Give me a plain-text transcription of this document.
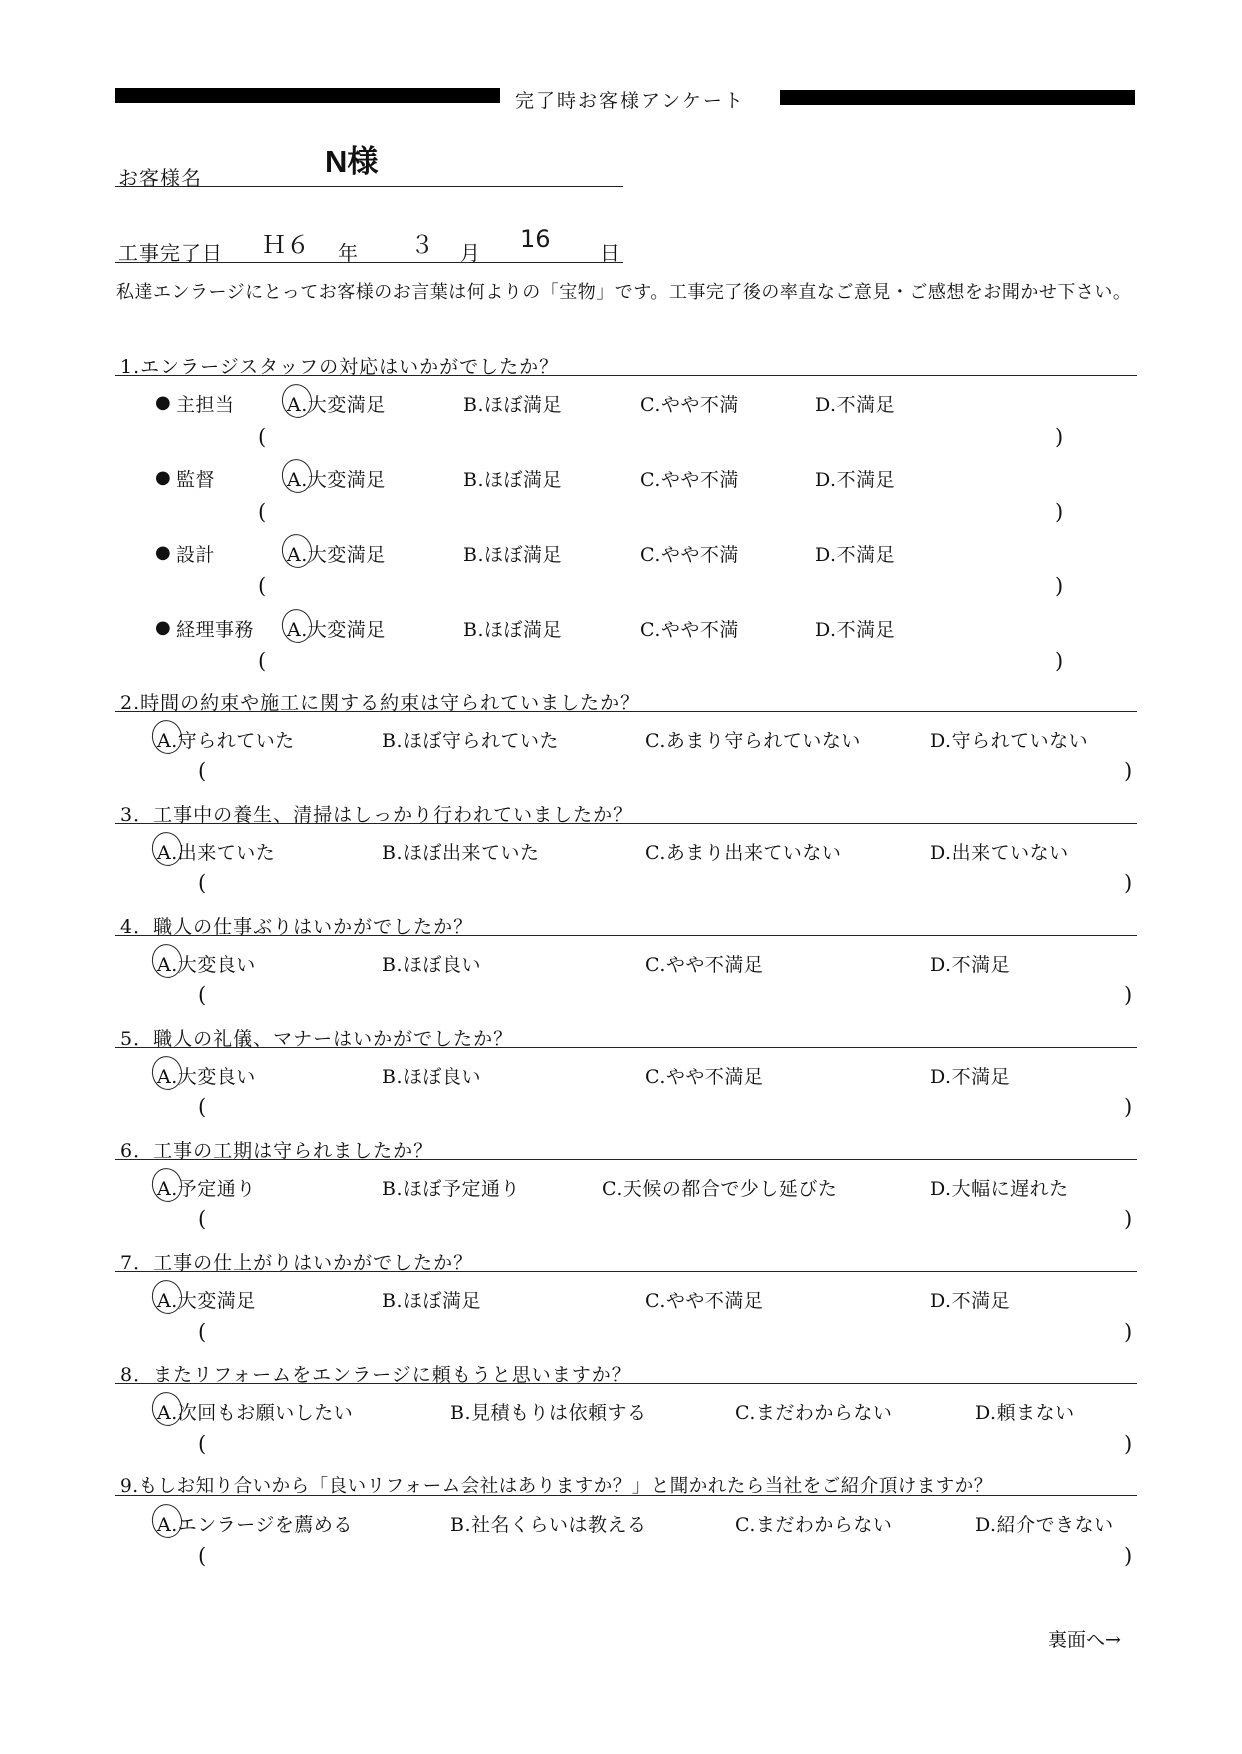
完了時お客様アンケート
お客様名	N様
工事完了日 Ｈ６ 年 ３ 月 16 日
私達エンラージにとってお客様のお言葉は何よりの「宝物」です。工事完了後の率直なご意見・ご感想をお聞かせ下さい。
1.エンラージスタッフの対応はいかがでしたか？
● 主担当	A.大変満足	B.ほぼ満足	C.やや不満	D.不満足
(	)
● 監督	A.大変満足	B.ほぼ満足	C.やや不満	D.不満足
(	)
● 設計	A.大変満足	B.ほぼ満足	C.やや不満	D.不満足
(	)
● 経理事務 A.大変満足	B.ほぼ満足	C.やや不満	D.不満足
(	)
2.時間の約束や施工に関する約束は守られていましたか？
A.守られていた	B.ほぼ守られていた	C.あまり守られていない	D.守られていない
(	)
3．工事中の養生、清掃はしっかり行われていましたか？
A.出来ていた	B.ほぼ出来ていた	C.あまり出来ていない	D.出来ていない
(	)
4．職人の仕事ぶりはいかがでしたか？
A.大変良い	B.ほぼ良い	C.やや不満足	D.不満足
(	)
5．職人の礼儀、マナーはいかがでしたか？
A.大変良い	B.ほぼ良い	C.やや不満足	D.不満足
(	)
6．工事の工期は守られましたか？
A.予定通り	B.ほぼ予定通り	C.天候の都合で少し延びた	D.大幅に遅れた
(	)
7．工事の仕上がりはいかがでしたか？
A.大変満足	B.ほぼ満足	C.やや不満足	D.不満足
(	)
8．またリフォームをエンラージに頼もうと思いますか？
A.次回もお願いしたい	B.見積もりは依頼する	C.まだわからない	D.頼まない
(	)
9.もしお知り合いから「良いリフォーム会社はありますか？」と聞かれたら当社をご紹介頂けますか？
A.エンラージを薦める	B.社名くらいは教える	C.まだわからない	D.紹介できない
(	)
裏面へ→
